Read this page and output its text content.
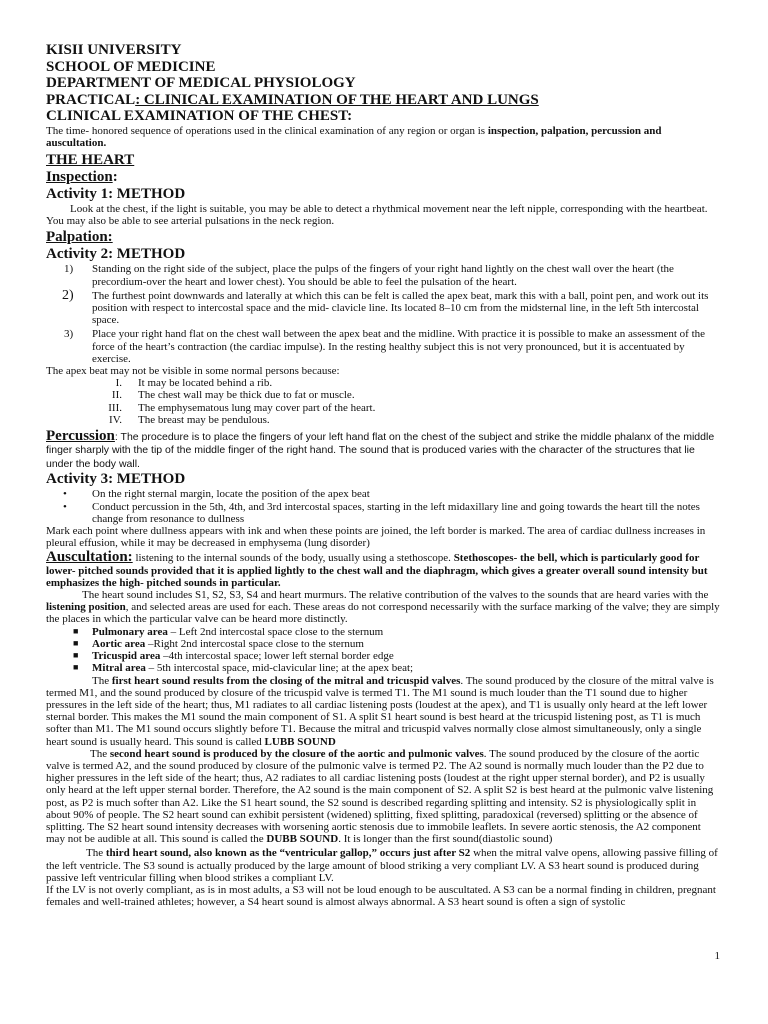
KISII UNIVERSITY

SCHOOL OF MEDICINE

DEPARTMENT OF MEDICAL PHYSIOLOGY

PRACTICAL: CLINICAL EXAMINATION OF THE HEART AND LUNGS

CLINICAL EXAMINATION OF THE CHEST:

The time- honored sequence of operations used in the clinical examination of any region or organ is inspection, palpation, percussion and auscultation.

THE HEART

Inspection:

Activity 1: METHOD

Look at the chest, if the light is suitable, you may be able to detect a rhythmical movement near the left nipple, corresponding with the heartbeat. You may also be able to see arterial pulsations in the neck region.

Palpation:

Activity 2: METHOD

1) Standing on the right side of the subject, place the pulps of the fingers of your right hand lightly on the chest wall over the heart (the precordium-over the heart and lower chest). You should be able to feel the pulsation of the heart.
2) The furthest point downwards and laterally at which this can be felt is called the apex beat, mark this with a ball, point pen, and work out its position with respect to intercostal space and the mid- clavicle line. Its located 8–10 cm from the midsternal line, in the left 5th intercostal space.
3) Place your right hand flat on the chest wall between the apex beat and the midline. With practice it is possible to make an assessment of the force of the heart’s contraction (the cardiac impulse). In the resting healthy subject this is not very pronounced, but it is accentuated by exercise.

The apex beat may not be visible in some normal persons because:

I. It may be located behind a rib.
II. The chest wall may be thick due to fat or muscle.
III. The emphysematous lung may cover part of the heart.
IV. The breast may be pendulous.

Percussion: The procedure is to place the fingers of your left hand flat on the chest of the subject and strike the middle phalanx of the middle finger sharply with the tip of the middle finger of the right hand. The sound that is produced varies with the character of the structures that lie under the body wall.

Activity 3: METHOD

• On the right sternal margin, locate the position of the apex beat
• Conduct percussion in the 5th, 4th, and 3rd intercostal spaces, starting in the left midaxillary line and going towards the heart till the notes change from resonance to dullness

Mark each point where dullness appears with ink and when these points are joined, the left border is marked. The area of cardiac dullness increases in pleural effusion, while it may be decreased in emphysema (lung disorder)

Auscultation: listening to the internal sounds of the body, usually using a stethoscope. Stethoscopes- the bell, which is particularly good for lower- pitched sounds provided that it is applied lightly to the chest wall and the diaphragm, which gives a greater overall sound intensity but emphasizes the high- pitched sounds in particular.

The heart sound includes S1, S2, S3, S4 and heart murmurs. The relative contribution of the valves to the sounds that are heard varies with the listening position, and selected areas are used for each. These areas do not correspond necessarily with the surface marking of the valve; they are simply the places in which the particular valve can be heard more distinctly.

■ Pulmonary area – Left 2nd intercostal space close to the sternum
■ Aortic area –Right 2nd intercostal space close to the sternum
■ Tricuspid area –4th intercostal space; lower left sternal border edge
■ Mitral area – 5th intercostal space, mid-clavicular line; at the apex beat;

The first heart sound results from the closing of the mitral and tricuspid valves. The sound produced by the closure of the mitral valve is termed M1, and the sound produced by closure of the tricuspid valve is termed T1. The M1 sound is much louder than the T1 sound due to higher pressures in the left side of the heart; thus, M1 radiates to all cardiac listening posts (loudest at the apex), and T1 is usually only heard at the left lower sternal border. This makes the M1 sound the main component of S1. A split S1 heart sound is best heard at the tricuspid listening post, as T1 is much softer than M1. The M1 sound occurs slightly before T1. Because the mitral and tricuspid valves normally close almost simultaneously, only a single heart sound is usually heard. This sound is called LUBB SOUND

The second heart sound is produced by the closure of the aortic and pulmonic valves. The sound produced by the closure of the aortic valve is termed A2, and the sound produced by closure of the pulmonic valve is termed P2. The A2 sound is normally much louder than the P2 due to higher pressures in the left side of the heart; thus, A2 radiates to all cardiac listening posts (loudest at the right upper sternal border), and P2 is usually only heard at the left upper sternal border. Therefore, the A2 sound is the main component of S2. A split S2 is best heard at the pulmonic valve listening post, as P2 is much softer than A2. Like the S1 heart sound, the S2 sound is described regarding splitting and intensity. S2 is physiologically split in about 90% of people. The S2 heart sound can exhibit persistent (widened) splitting, fixed splitting, paradoxical (reversed) splitting or the absence of splitting. The S2 heart sound intensity decreases with worsening aortic stenosis due to immobile leaflets. In severe aortic stenosis, the A2 component may not be audible at all. This sound is called the DUBB SOUND. It is longer than the first sound(diastolic sound)

The third heart sound, also known as the “ventricular gallop,” occurs just after S2 when the mitral valve opens, allowing passive filling of the left ventricle. The S3 sound is actually produced by the large amount of blood striking a very compliant LV. A S3 heart sound is produced during passive left ventricular filling when blood strikes a compliant LV.

If the LV is not overly compliant, as is in most adults, a S3 will not be loud enough to be auscultated. A S3 can be a normal finding in children, pregnant females and well-trained athletes; however, a S4 heart sound is almost always abnormal. A S3 heart sound is often a sign of systolic

1
